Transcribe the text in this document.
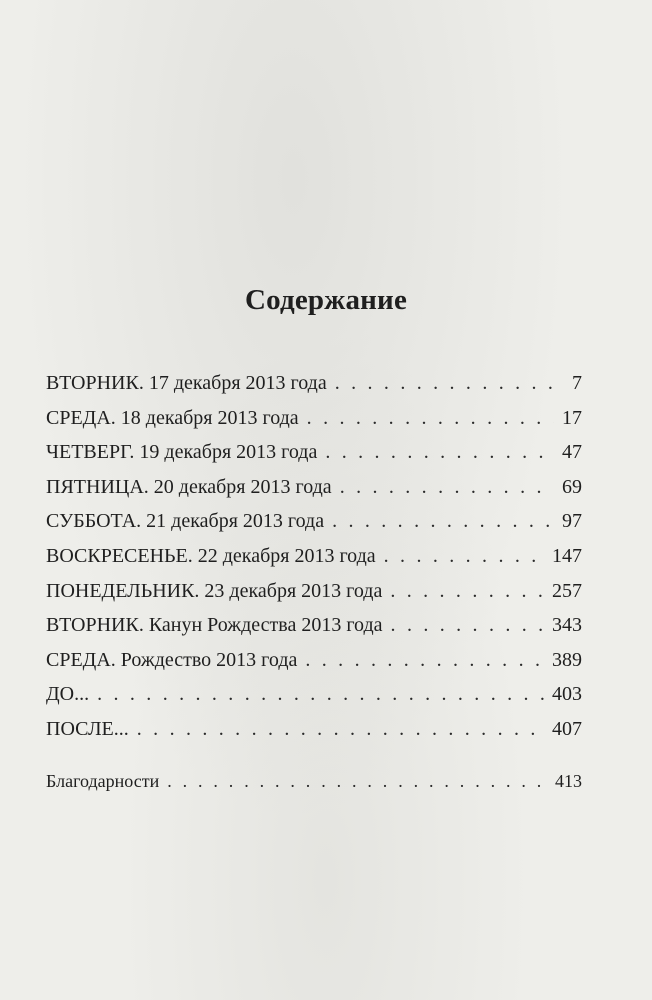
Содержание
ВТОРНИК. 17 декабря 2013 года . . .	7
СРЕДА. 18 декабря 2013 года . . .	17
ЧЕТВЕРГ. 19 декабря 2013 года . . .	47
ПЯТНИЦА. 20 декабря 2013 года . . .	69
СУББОТА. 21 декабря 2013 года . . .	97
ВОСКРЕСЕНЬЕ. 22 декабря 2013 года . . .	147
ПОНЕДЕЛЬНИК. 23 декабря 2013 года . . .	257
ВТОРНИК. Канун Рождества 2013 года . . .	343
СРЕДА. Рождество 2013 года . . .	389
ДО... . . .	403
ПОСЛЕ... . . .	407
Благодарности . . .	413
